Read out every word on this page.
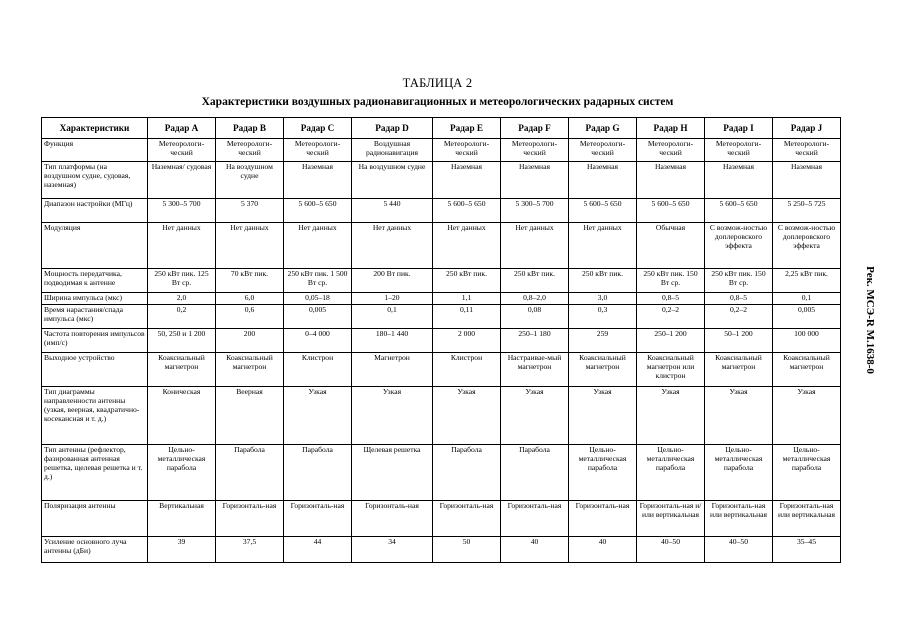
ТАБЛИЦА 2
Характеристики воздушных радионавигационных и метеорологических радарных систем
Рек. МСЭ-R M.1638-0
Характеристики	Радар A	Радар B	Радар C	Радар D	Радар E	Радар F	Радар G	Радар H	Радар I	Радар J
Функция	Метеорологи-ческий	Метеорологи-ческий	Метеорологи-ческий	Воздушная радионавигация	Метеорологи-ческий	Метеорологи-ческий	Метеорологи-ческий	Метеорологи-ческий	Метеорологи-ческий	Метеорологи-ческий
Тип платформы (на воздушном судне, судовая, наземная)	Наземная/ судовая	На воздушном судне	Наземная	На воздушном судне	Наземная	Наземная	Наземная	Наземная	Наземная	Наземная
Диапазон настройки (МГц)	5 300–5 700	5 370	5 600–5 650	5 440	5 600–5 650	5 300–5 700	5 600–5 650	5 600–5 650	5 600–5 650	5 250–5 725
Модуляция	Нет данных	Нет данных	Нет данных	Нет данных	Нет данных	Нет данных	Нет данных	Обычная	С возмож-ностью доплеровского эффекта	С возмож-ностью доплеровского эффекта
Мощность передатчика, подводимая к антенне	250 кВт пик. 125 Вт ср.	70 кВт пик.	250 кВт пик. 1 500 Вт ср.	200 Вт пик.	250 кВт пик.	250 кВт пик.	250 кВт пик.	250 кВт пик. 150 Вт ср.	250 кВт пик. 150 Вт ср.	2,25 кВт пик.
Ширина импульса (мкс)	2,0	6,0	0,05–18	1–20	1,1	0,8–2,0	3,0	0,8–5	0,8–5	0,1
Время нарастания/спада импульса (мкс)	0,2	0,6	0,005	0,1	0,11	0,08	0,3	0,2–2	0,2–2	0,005
Частота повторения импульсов (имп/с)	50, 250 и 1 200	200	0–4 000	180–1 440	2 000	250–1 180	259	250–1 200	50–1 200	100 000
Выходное устройство	Коаксиальный магнетрон	Коаксиальный магнетрон	Клистрон	Магнетрон	Клистрон	Настраивае-мый магнетрон	Коаксиальный магнетрон	Коаксиальный магнетрон или клистрон	Коаксиальный магнетрон	Коаксиальный магнетрон
Тип диаграммы направленности антенны (узкая, веерная, квадратично-косекансная и т. д.)	Коническая	Веерная	Узкая	Узкая	Узкая	Узкая	Узкая	Узкая	Узкая	Узкая
Тип антенны (рефлектор, фазированная антенная решетка, щелевая решетка и т. д.)	Цельно-металлическая парабола	Парабола	Парабола	Щелевая решетка	Парабола	Парабола	Цельно-металлическая парабола	Цельно-металлическая парабола	Цельно-металлическая парабола	Цельно-металлическая парабола
Поляризация антенны	Вертикальная	Горизонталь-ная	Горизонталь-ная	Горизонталь-ная	Горизонталь-ная	Горизонталь-ная	Горизонталь-ная	Горизонталь-ная и/или вертикальная	Горизонталь-ная или вертикальная	Горизонталь-ная или вертикальная
Усиление основного луча антенны (дБи)	39	37,5	44	34	50	40	40	40–50	40–50	35–45
